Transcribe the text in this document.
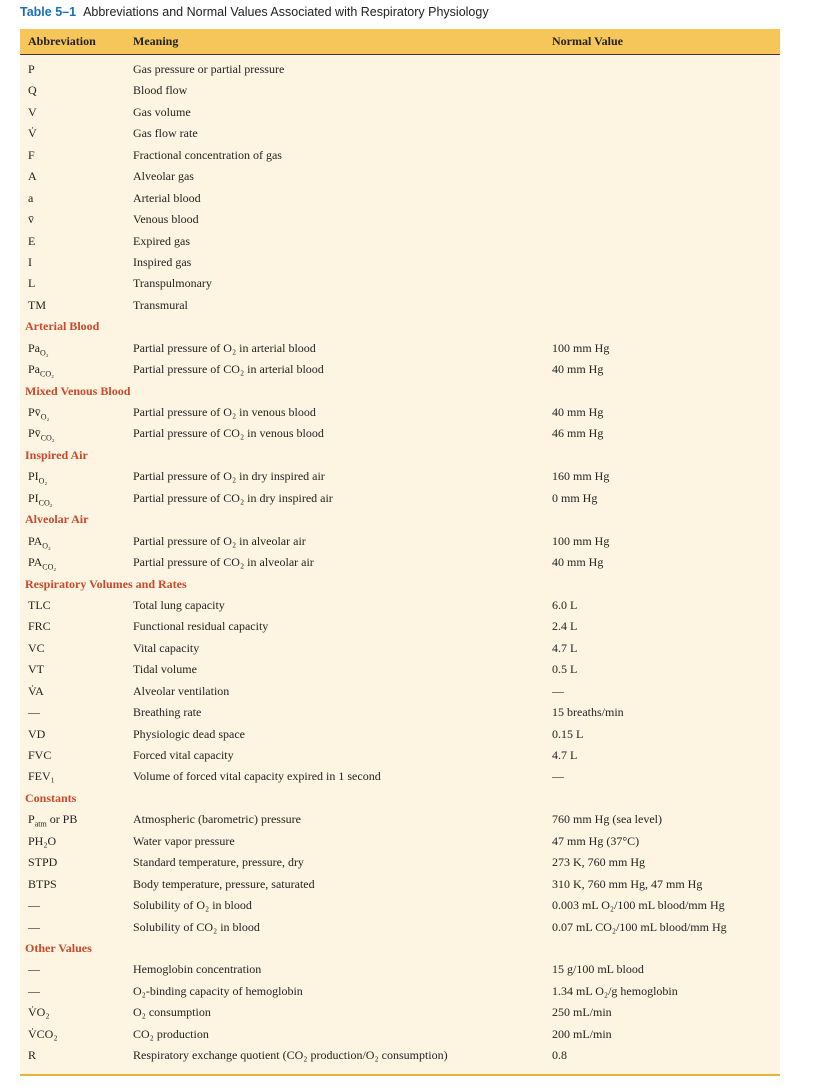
Table 5–1 Abbreviations and Normal Values Associated with Respiratory Physiology
Abbreviation	Meaning	Normal Value
P	Gas pressure or partial pressure
Q	Blood flow
V	Gas volume
V̇	Gas flow rate
F	Fractional concentration of gas
A	Alveolar gas
a	Arterial blood
v̄	Venous blood
E	Expired gas
I	Inspired gas
L	Transpulmonary
TM	Transmural
Arterial Blood
$Pa_{O_2}$	Partial pressure of O₂ in arterial blood	100 mm Hg
$Pa_{CO_2}$	Partial pressure of CO₂ in arterial blood	40 mm Hg
Mixed Venous Blood
$Pv̄_{O_2}$	Partial pressure of O₂ in venous blood	40 mm Hg
$Pv̄_{CO_2}$	Partial pressure of CO₂ in venous blood	46 mm Hg
Inspired Air
$PI_{O_2}$	Partial pressure of O₂ in dry inspired air	160 mm Hg
$PI_{CO_2}$	Partial pressure of CO₂ in dry inspired air	0 mm Hg
Alveolar Air
$PA_{O_2}$	Partial pressure of O₂ in alveolar air	100 mm Hg
$PA_{CO_2}$	Partial pressure of CO₂ in alveolar air	40 mm Hg
Respiratory Volumes and Rates
TLC	Total lung capacity	6.0 L
FRC	Functional residual capacity	2.4 L
VC	Vital capacity	4.7 L
VT	Tidal volume	0.5 L
V̇A	Alveolar ventilation	—
—	Breathing rate	15 breaths/min
VD	Physiologic dead space	0.15 L
FVC	Forced vital capacity	4.7 L
FEV₁	Volume of forced vital capacity expired in 1 second	—
Constants
$P_{atm}$ or PB	Atmospheric (barometric) pressure	760 mm Hg (sea level)
PH₂O	Water vapor pressure	47 mm Hg (37°C)
STPD	Standard temperature, pressure, dry	273 K, 760 mm Hg
BTPS	Body temperature, pressure, saturated	310 K, 760 mm Hg, 47 mm Hg
—	Solubility of O₂ in blood	0.003 mL O₂/100 mL blood/mm Hg
—	Solubility of CO₂ in blood	0.07 mL CO₂/100 mL blood/mm Hg
Other Values
—	Hemoglobin concentration	15 g/100 mL blood
—	O₂-binding capacity of hemoglobin	1.34 mL O₂/g hemoglobin
V̇O₂	O₂ consumption	250 mL/min
V̇CO₂	CO₂ production	200 mL/min
R	Respiratory exchange quotient (CO₂ production/O₂ consumption)	0.8
